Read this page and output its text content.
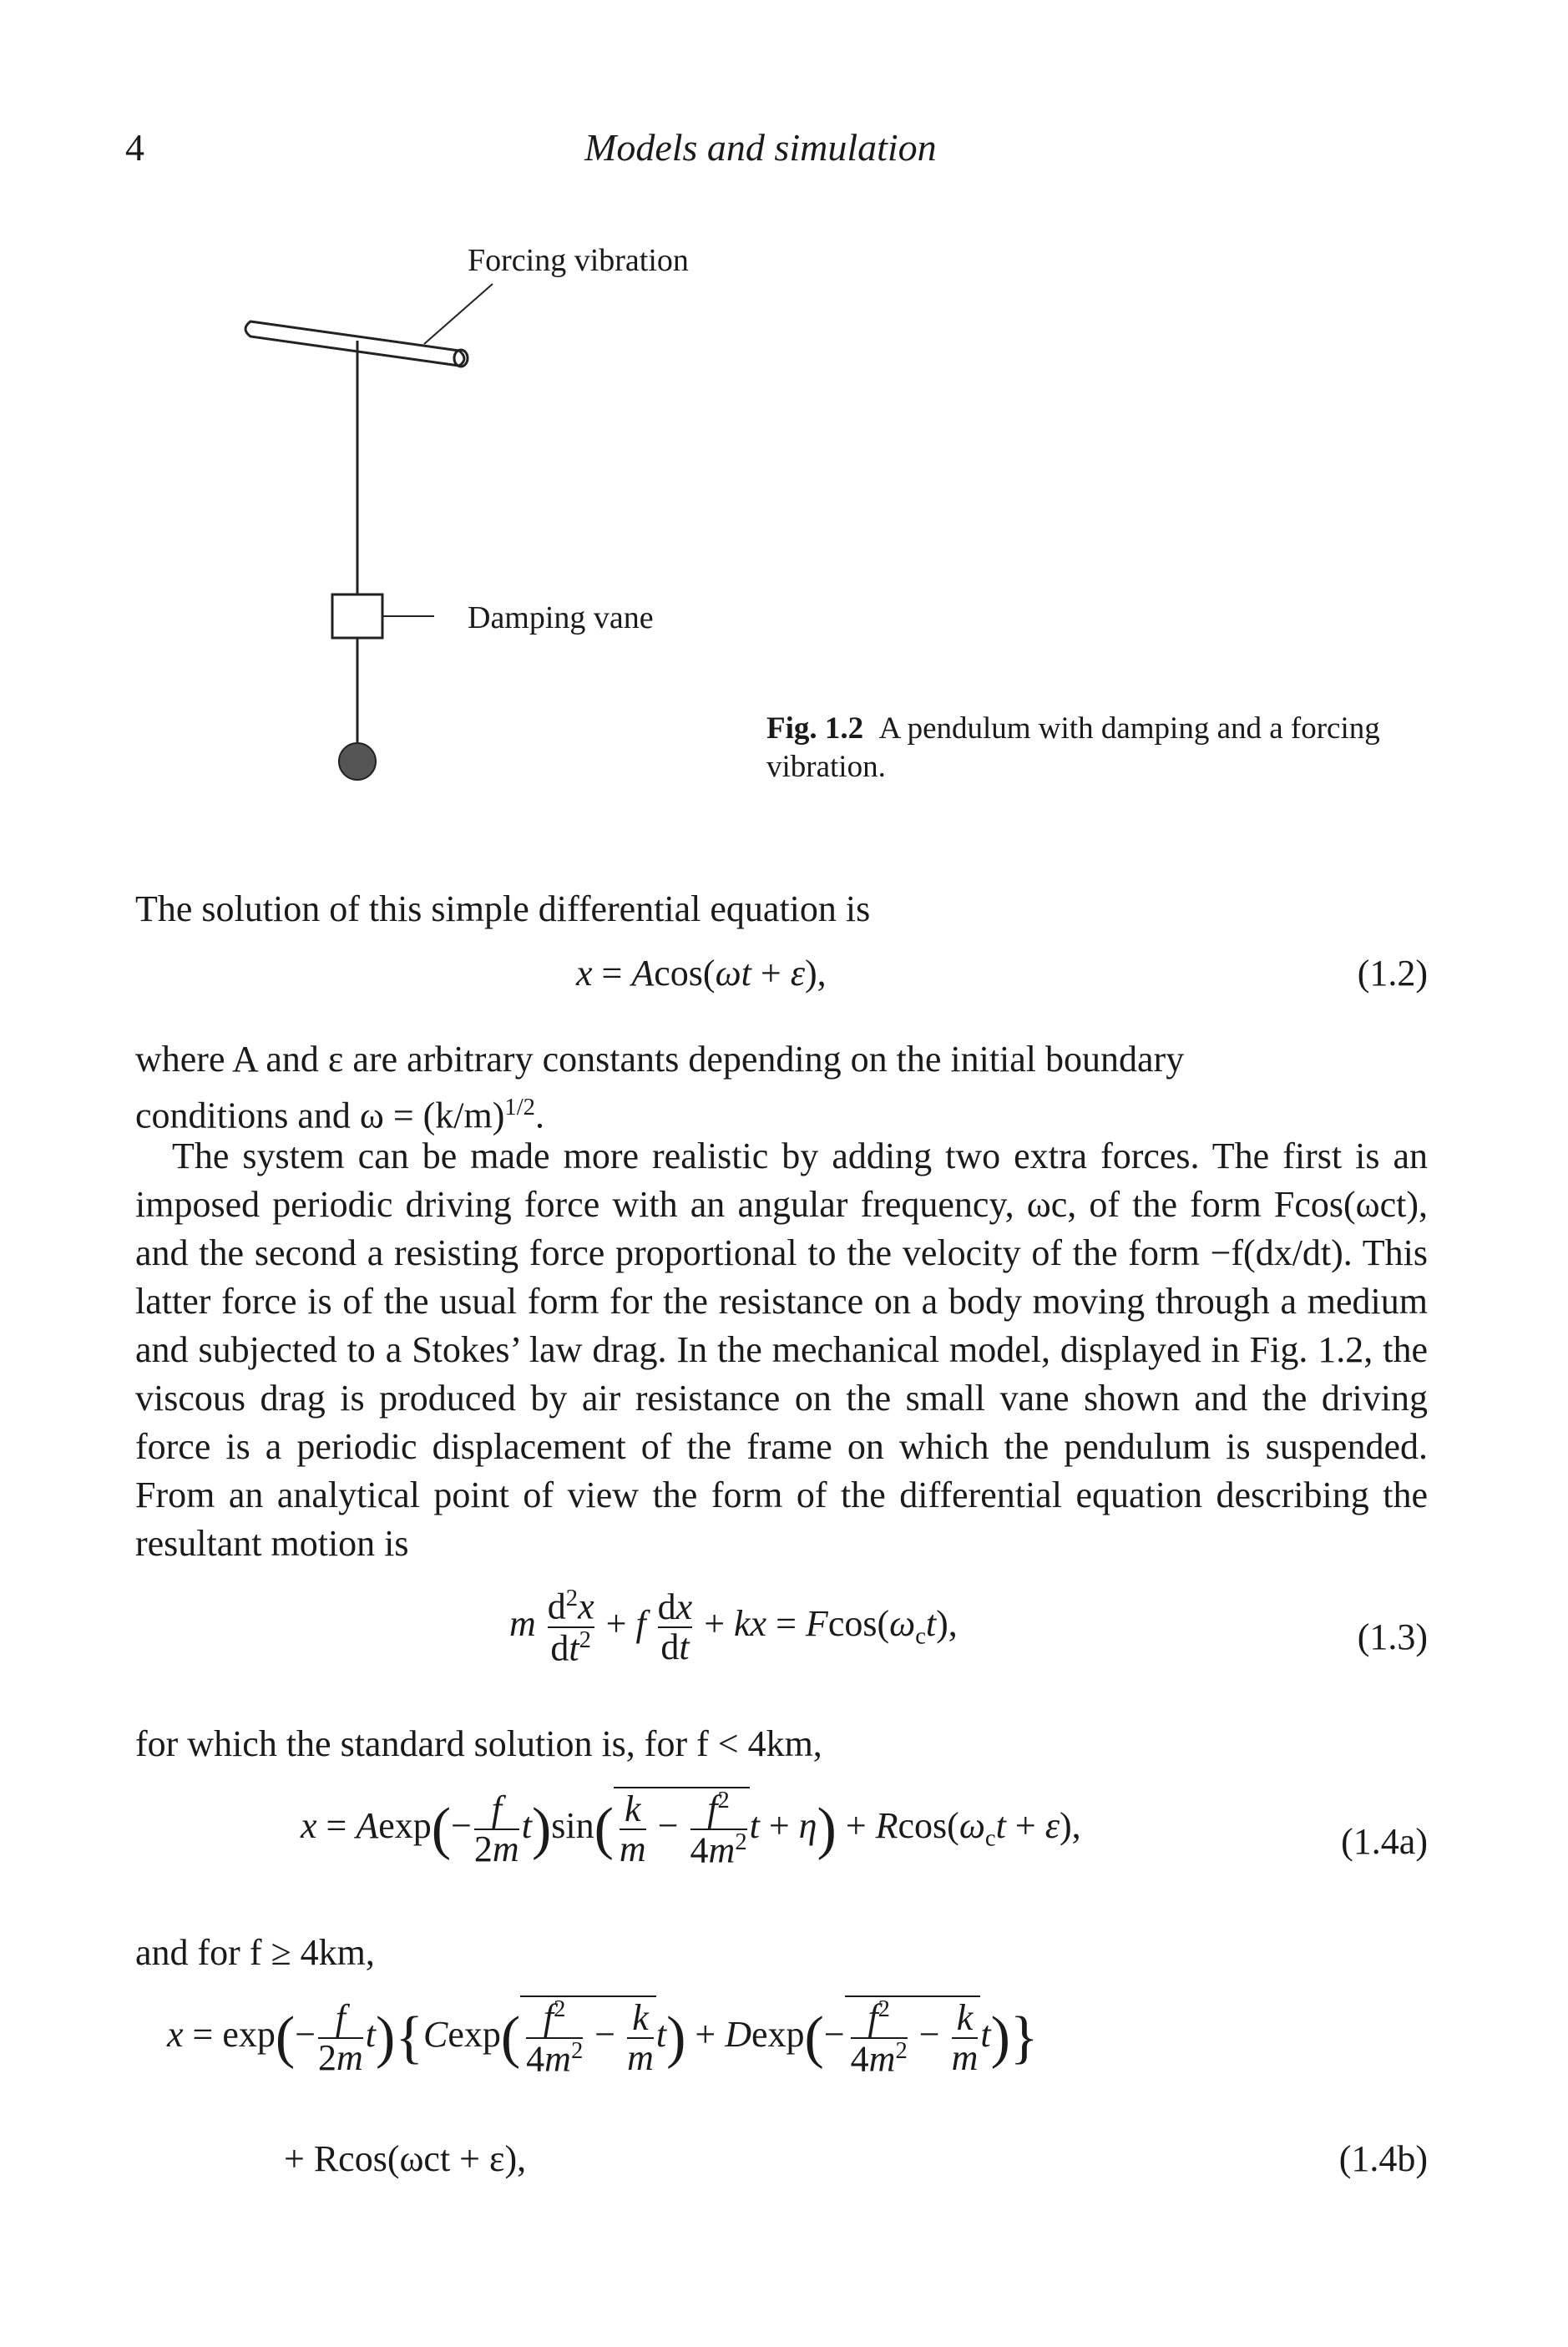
4	Models and simulation
Forcing vibration
Damping vane
Fig. 1.2 A pendulum with damping and a forcing vibration.
The solution of this simple differential equation is
x = Acos(ωt + ε),	(1.2)

where A and ε are arbitrary constants depending on the initial boundary

conditions and $\omega = (k/m)^{1/2}$.

The system can be made more realistic by adding two extra forces. The first is an imposed periodic driving force with an angular frequency, ωc, of the form Fcos(ωct), and the second a resisting force proportional to the velocity of the form −f(dx/dt). This latter force is of the usual form for the resistance on a body moving through a medium and subjected to a Stokes’ law drag. In the mechanical model, displayed in Fig. 1.2, the viscous drag is produced by air resistance on the small vane shown and the driving force is a periodic displacement of the frame on which the pendulum is suspended. From an analytical point of view the form of the differential equation describing the resultant motion is

m $\frac{d^2x}{dt^2} + f \frac{dx}{dt}$ + kx = $Fcos(\omega_ct)$,	(1.3)
for which the standard solution is, for f < 4km,
$x = Aexp(- \frac{f}{2m} t)\sin( \frac{k}{m} - \frac{f^2}{4m^2}$ $t + \eta) + Rcos(\omega_ct + \varepsilon)$,	(1.4a)
and for f ≥ 4km,
$x = \exp(- \frac{f}{2m} t)\{Cexp( \frac{f^2}{4m^2} - \frac{k}{m} t) + Dexp(- \frac{f^2}{4m^2} - \frac{k}{m} t)\}$
+ Rcos(ωct + ε),	(1.4b)
